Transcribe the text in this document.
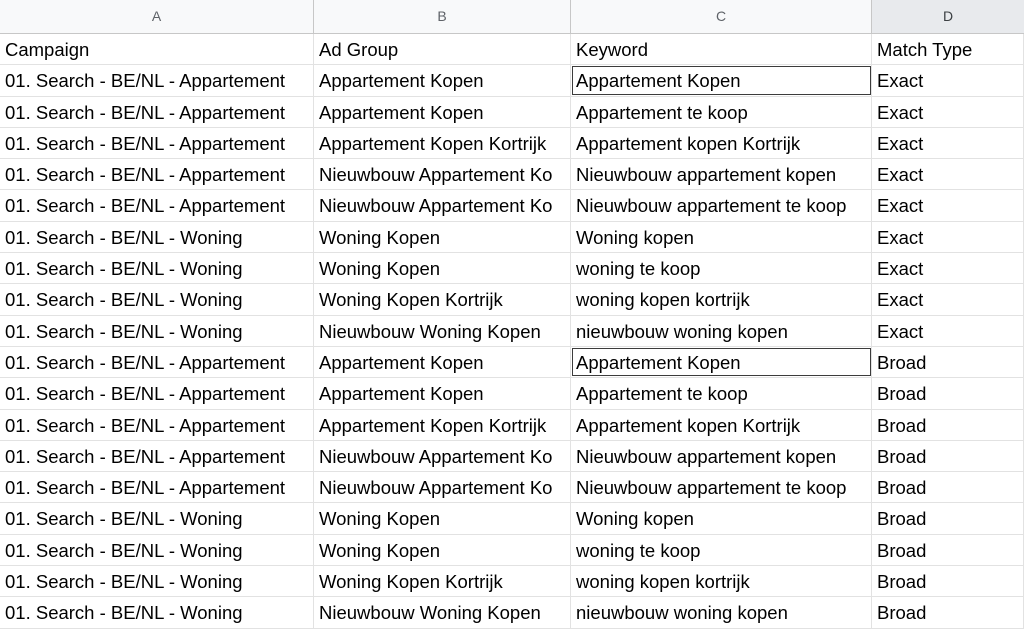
A	B	C	D
Campaign	Ad Group	Keyword	Match Type
01. Search - BE/NL - Appartement	Appartement Kopen	Appartement Kopen	Exact
01. Search - BE/NL - Appartement	Appartement Kopen	Appartement te koop	Exact
01. Search - BE/NL - Appartement	Appartement Kopen Kortrijk	Appartement kopen Kortrijk	Exact
01. Search - BE/NL - Appartement	Nieuwbouw Appartement Ko	Nieuwbouw appartement kopen	Exact
01. Search - BE/NL - Appartement	Nieuwbouw Appartement Ko	Nieuwbouw appartement te koop	Exact
01. Search - BE/NL - Woning	Woning Kopen	Woning kopen	Exact
01. Search - BE/NL - Woning	Woning Kopen	woning te koop	Exact
01. Search - BE/NL - Woning	Woning Kopen Kortrijk	woning kopen kortrijk	Exact
01. Search - BE/NL - Woning	Nieuwbouw Woning Kopen	nieuwbouw woning kopen	Exact
01. Search - BE/NL - Appartement	Appartement Kopen	Appartement Kopen	Broad
01. Search - BE/NL - Appartement	Appartement Kopen	Appartement te koop	Broad
01. Search - BE/NL - Appartement	Appartement Kopen Kortrijk	Appartement kopen Kortrijk	Broad
01. Search - BE/NL - Appartement	Nieuwbouw Appartement Ko	Nieuwbouw appartement kopen	Broad
01. Search - BE/NL - Appartement	Nieuwbouw Appartement Ko	Nieuwbouw appartement te koop	Broad
01. Search - BE/NL - Woning	Woning Kopen	Woning kopen	Broad
01. Search - BE/NL - Woning	Woning Kopen	woning te koop	Broad
01. Search - BE/NL - Woning	Woning Kopen Kortrijk	woning kopen kortrijk	Broad
01. Search - BE/NL - Woning	Nieuwbouw Woning Kopen	nieuwbouw woning kopen	Broad
